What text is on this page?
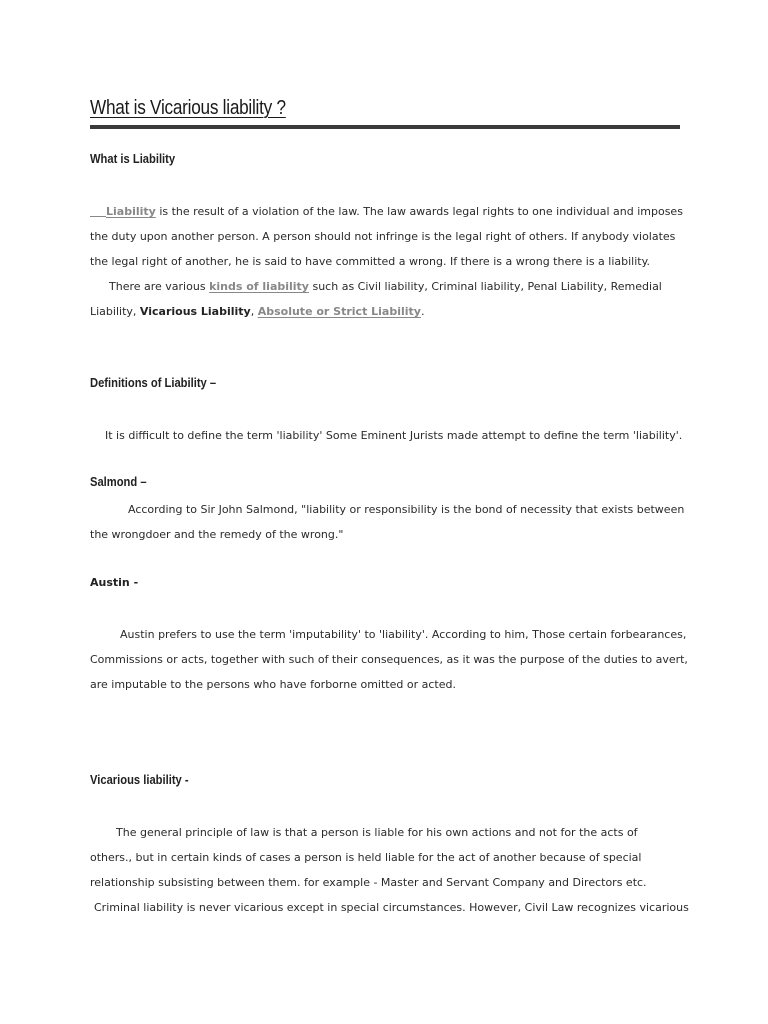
What is Vicarious liability ?
What is Liability
Liability is the result of a violation of the law. The law awards legal rights to one individual and imposes
the duty upon another person. A person should not infringe is the legal right of others. If anybody violates
the legal right of another, he is said to have committed a wrong. If there is a wrong there is a liability.
There are various kinds of liability such as Civil liability, Criminal liability, Penal Liability, Remedial
Liability, Vicarious Liability, Absolute or Strict Liability.
Definitions of Liability –
It is difficult to define the term 'liability' Some Eminent Jurists made attempt to define the term 'liability'.
Salmond –
According to Sir John Salmond, "liability or responsibility is the bond of necessity that exists between
the wrongdoer and the remedy of the wrong."
Austin -
Austin prefers to use the term 'imputability' to 'liability'. According to him, Those certain forbearances,
Commissions or acts, together with such of their consequences, as it was the purpose of the duties to avert,
are imputable to the persons who have forborne omitted or acted.
Vicarious liability -
The general principle of law is that a person is liable for his own actions and not for the acts of
others., but in certain kinds of cases a person is held liable for the act of another because of special
relationship subsisting between them. for example - Master and Servant Company and Directors etc.
Criminal liability is never vicarious except in special circumstances. However, Civil Law recognizes vicarious
